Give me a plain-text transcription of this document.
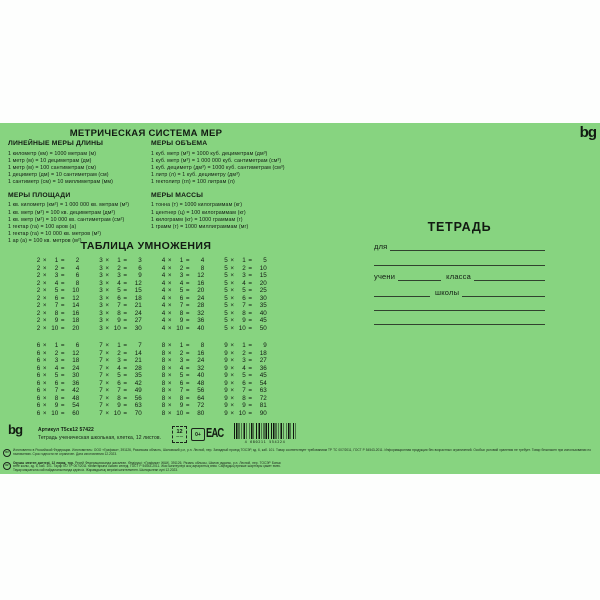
МЕТРИЧЕСКАЯ СИСТЕМА МЕР
ЛИНЕЙНЫЕ МЕРЫ ДЛИНЫ
1 километр (км) = 1000 метрам (м)
1 метр (м) = 10 дециметрам (дм)
1 метр (м) = 100 сантиметрам (см)
1 дециметр (дм) = 10 сантиметрам (см)
1 сантиметр (см) = 10 миллиметрам (мм)
МЕРЫ ОБЪЕМА
1 куб. метр (м³) = 1000 куб. дециметрам (дм³)
1 куб. метр (м³) = 1 000 000 куб. сантиметрам (см³)
1 куб. дециметр (дм³) = 1000 куб. сантиметрам (см³)
1 литр (л) = 1 куб. дециметру (дм³)
1 гектолитр (гл) = 100 литрам (л)
МЕРЫ ПЛОЩАДИ
1 кв. километр (км²) = 1 000 000 кв. метрам (м²)
1 кв. метр (м²) = 100 кв. дециметрам (дм²)
1 кв. метр (м²) = 10 000 кв. сантиметрам (см²)
1 гектар (га) = 100 аров (а)
1 гектар (га) = 10 000 кв. метров (м²)
1 ар (а) = 100 кв. метров (м²)
МЕРЫ МАССЫ
1 тонна (т) = 1000 килограммам (кг)
1 центнер (ц) = 100 килограммам (кг)
1 килограмм (кг) = 1000 граммам (г)
1 грамм (г) = 1000 миллиграммам (мг)
ТАБЛИЦА УМНОЖЕНИЯ
2 ×	1 =	2
2 ×	2 =	4
2 ×	3 =	6
2 ×	4 =	8
2 ×	5 =	10
2 ×	6 =	12
2 ×	7 =	14
2 ×	8 =	16
2 ×	9 =	18
2 × 10 =	20
3 ×	1 =	3
3 ×	2 =	6
3 ×	3 =	9
3 ×	4 =	12
3 ×	5 =	15
3 ×	6 =	18
3 ×	7 =	21
3 ×	8 =	24
3 ×	9 =	27
3 × 10 =	30
4 ×	1 =	4
4 ×	2 =	8
4 ×	3 =	12
4 ×	4 =	16
4 ×	5 =	20
4 ×	6 =	24
4 ×	7 =	28
4 ×	8 =	32
4 ×	9 =	36
4 × 10 =	40
5 ×	1 =	5
5 ×	2 =	10
5 ×	3 =	15
5 ×	4 =	20
5 ×	5 =	25
5 ×	6 =	30
5 ×	7 =	35
5 ×	8 =	40
5 ×	9 =	45
5 × 10 =	50
6 ×	1 =	6
6 ×	2 =	12
6 ×	3 =	18
6 ×	4 =	24
6 ×	5 =	30
6 ×	6 =	36
6 ×	7 =	42
6 ×	8 =	48
6 ×	9 =	54
6 × 10 =	60
7 ×	1 =	7
7 ×	2 =	14
7 ×	3 =	21
7 ×	4 =	28
7 ×	5 =	35
7 ×	6 =	42
7 ×	7 =	49
7 ×	8 =	56
7 ×	9 =	63
7 × 10 =	70
8 ×	1 =	8
8 ×	2 =	16
8 ×	3 =	24
8 ×	4 =	32
8 ×	5 =	40
8 ×	6 =	48
8 ×	7 =	56
8 ×	8 =	64
8 ×	9 =	72
8 × 10 =	80
9 ×	1 =	9
9 ×	2 =	18
9 ×	3 =	27
9 ×	4 =	36
9 ×	5 =	45
9 ×	6 =	54
9 ×	7 =	63
9 ×	8 =	72
9 ×	9 =	81
9 × 10 =	90
bg
ТЕТРАДЬ
для
учени	класса
школы
bg	Артикул Т5ск12 57422
Тетрадь ученическая школьная, клетка, 12 листов.
12
листов	0+ ЕАС
4 680211 554224
RU
Изготовлено в Российской Федерации. Изготовитель: ООО «Графика», 391126, Рязанская область, Шиловский р-н, р.п. Лесной, пер. Западный проезд ТОСЭР, зд. 6, каб. 101. Товар соответствует требованиям ТР ТС 007/2011, ГОСТ Р 54543-2011. Информационная продукция без возрастных ограничений. Особых условий хранения не требует. Товар безопасен при использовании по назначению. Срок годности не ограничен. Дата изготовления 12.2023.
KZ
Оқушы мектеп дәптері, 12 парақ, тор. Ресей Федерациясында жасалған. Өндіруші: «Графика» ЖШҚ, 391126, Рязань облысы, Шилов ауданы, р.п. Лесной, пер. ТОСЭР Батыс өтпе жолы, зд. 6, каб. 101. Тауар КО ТР 007/2011 талаптарына сәйкес келеді, ГОСТ Р 54543-2011. Жас шектеулері жоқ ақпараттық өнім. Сақтаудың ерекше шарттары қажет емес. Тауар мақсатына сай пайдаланылғанда қауіпсіз. Жарамдылық мерзімі шектелмеген. Шығарылған күні 12.2023.
